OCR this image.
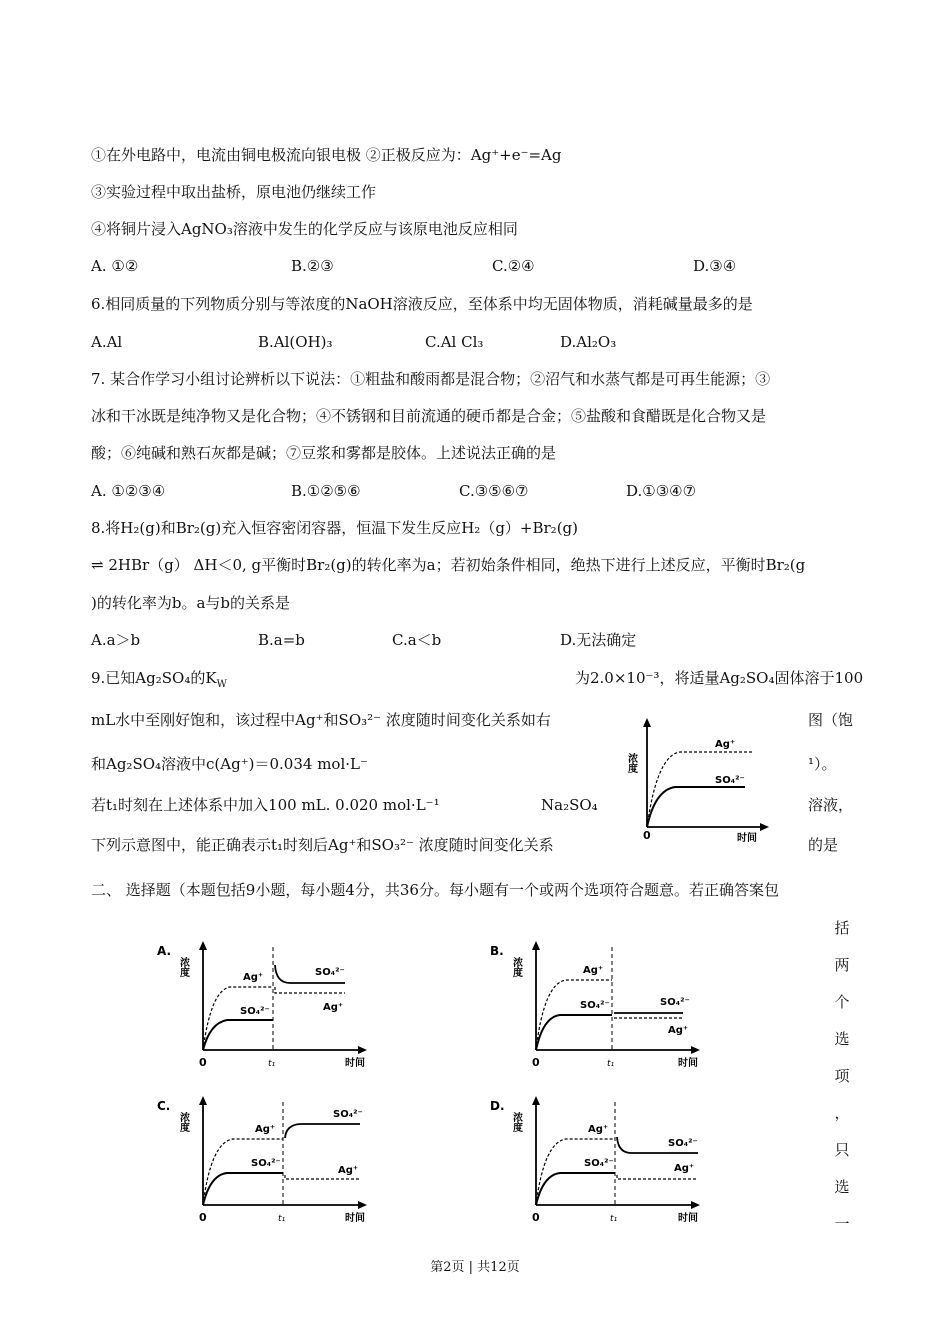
①在外电路中，电流由铜电极流向银电极 ②正极反应为：Ag⁺+e⁻=Ag
③实验过程中取出盐桥，原电池仍继续工作
④将铜片浸入AgNO₃溶液中发生的化学反应与该原电池反应相同
A. ①②	B.②③	C.②④	D.③④
6.相同质量的下列物质分别与等浓度的NaOH溶液反应，至体系中均无固体物质，消耗碱量最多的是
A.Al	B.Al(OH)₃	C.Al Cl₃	D.Al₂O₃
7. 某合作学习小组讨论辨析以下说法：①粗盐和酸雨都是混合物；②沼气和水蒸气都是可再生能源；③
冰和干冰既是纯净物又是化合物；④不锈钢和目前流通的硬币都是合金；⑤盐酸和食醋既是化合物又是
酸；⑥纯碱和熟石灰都是碱；⑦豆浆和雾都是胶体。上述说法正确的是
A. ①②③④	B.①②⑤⑥	C.③⑤⑥⑦	D.①③④⑦
8.将H₂(g)和Br₂(g)充入恒容密闭容器，恒温下发生反应H₂（g）+Br₂(g)
⇌ 2HBr（g） ΔH＜0, g平衡时Br₂(g)的转化率为a；若初始条件相同，绝热下进行上述反应，平衡时Br₂(g
)的转化率为b。a与b的关系是
A.a＞b	B.a=b	C.a＜b	D.无法确定
9.已知Ag₂SO₄的$K_W$	为2.0×10⁻³，将适量Ag₂SO₄固体溶于100
mL水中至刚好饱和，该过程中Ag⁺和SO₃²⁻ 浓度随时间变化关系如右	图（饱
和Ag₂SO₄溶液中c(Ag⁺)＝0.034 mol·L⁻	¹）。
若t₁时刻在上述体系中加入100 mL. 0.020 mol·L⁻¹	Na₂SO₄	溶液，
下列示意图中，能正确表示t₁时刻后Ag⁺和SO₃²⁻ 浓度随时间变化关系	的是
浓度
Ag⁺
SO₄²⁻
0	时间
二、 选择题（本题包括9小题，每小题4分，共36分。每小题有一个或两个选项符合题意。若正确答案包
括
两
个
选
项
，
只
选
一
A.
浓度
Ag⁺
SO₄²⁻
SO₄²⁻
Ag⁺
0	t₁	时间
B.
浓度	Ag⁺
SO₄²⁻	SO₄²⁻
Ag⁺
0	t₁	时间
C.
浓度	Ag⁺
SO₄²⁻
SO₄²⁻
Ag⁺
0	t₁	时间
D.
浓度	Ag⁺
SO₄²⁻
SO₄²⁻
Ag⁺
0	t₁	时间
第2页 | 共12页
